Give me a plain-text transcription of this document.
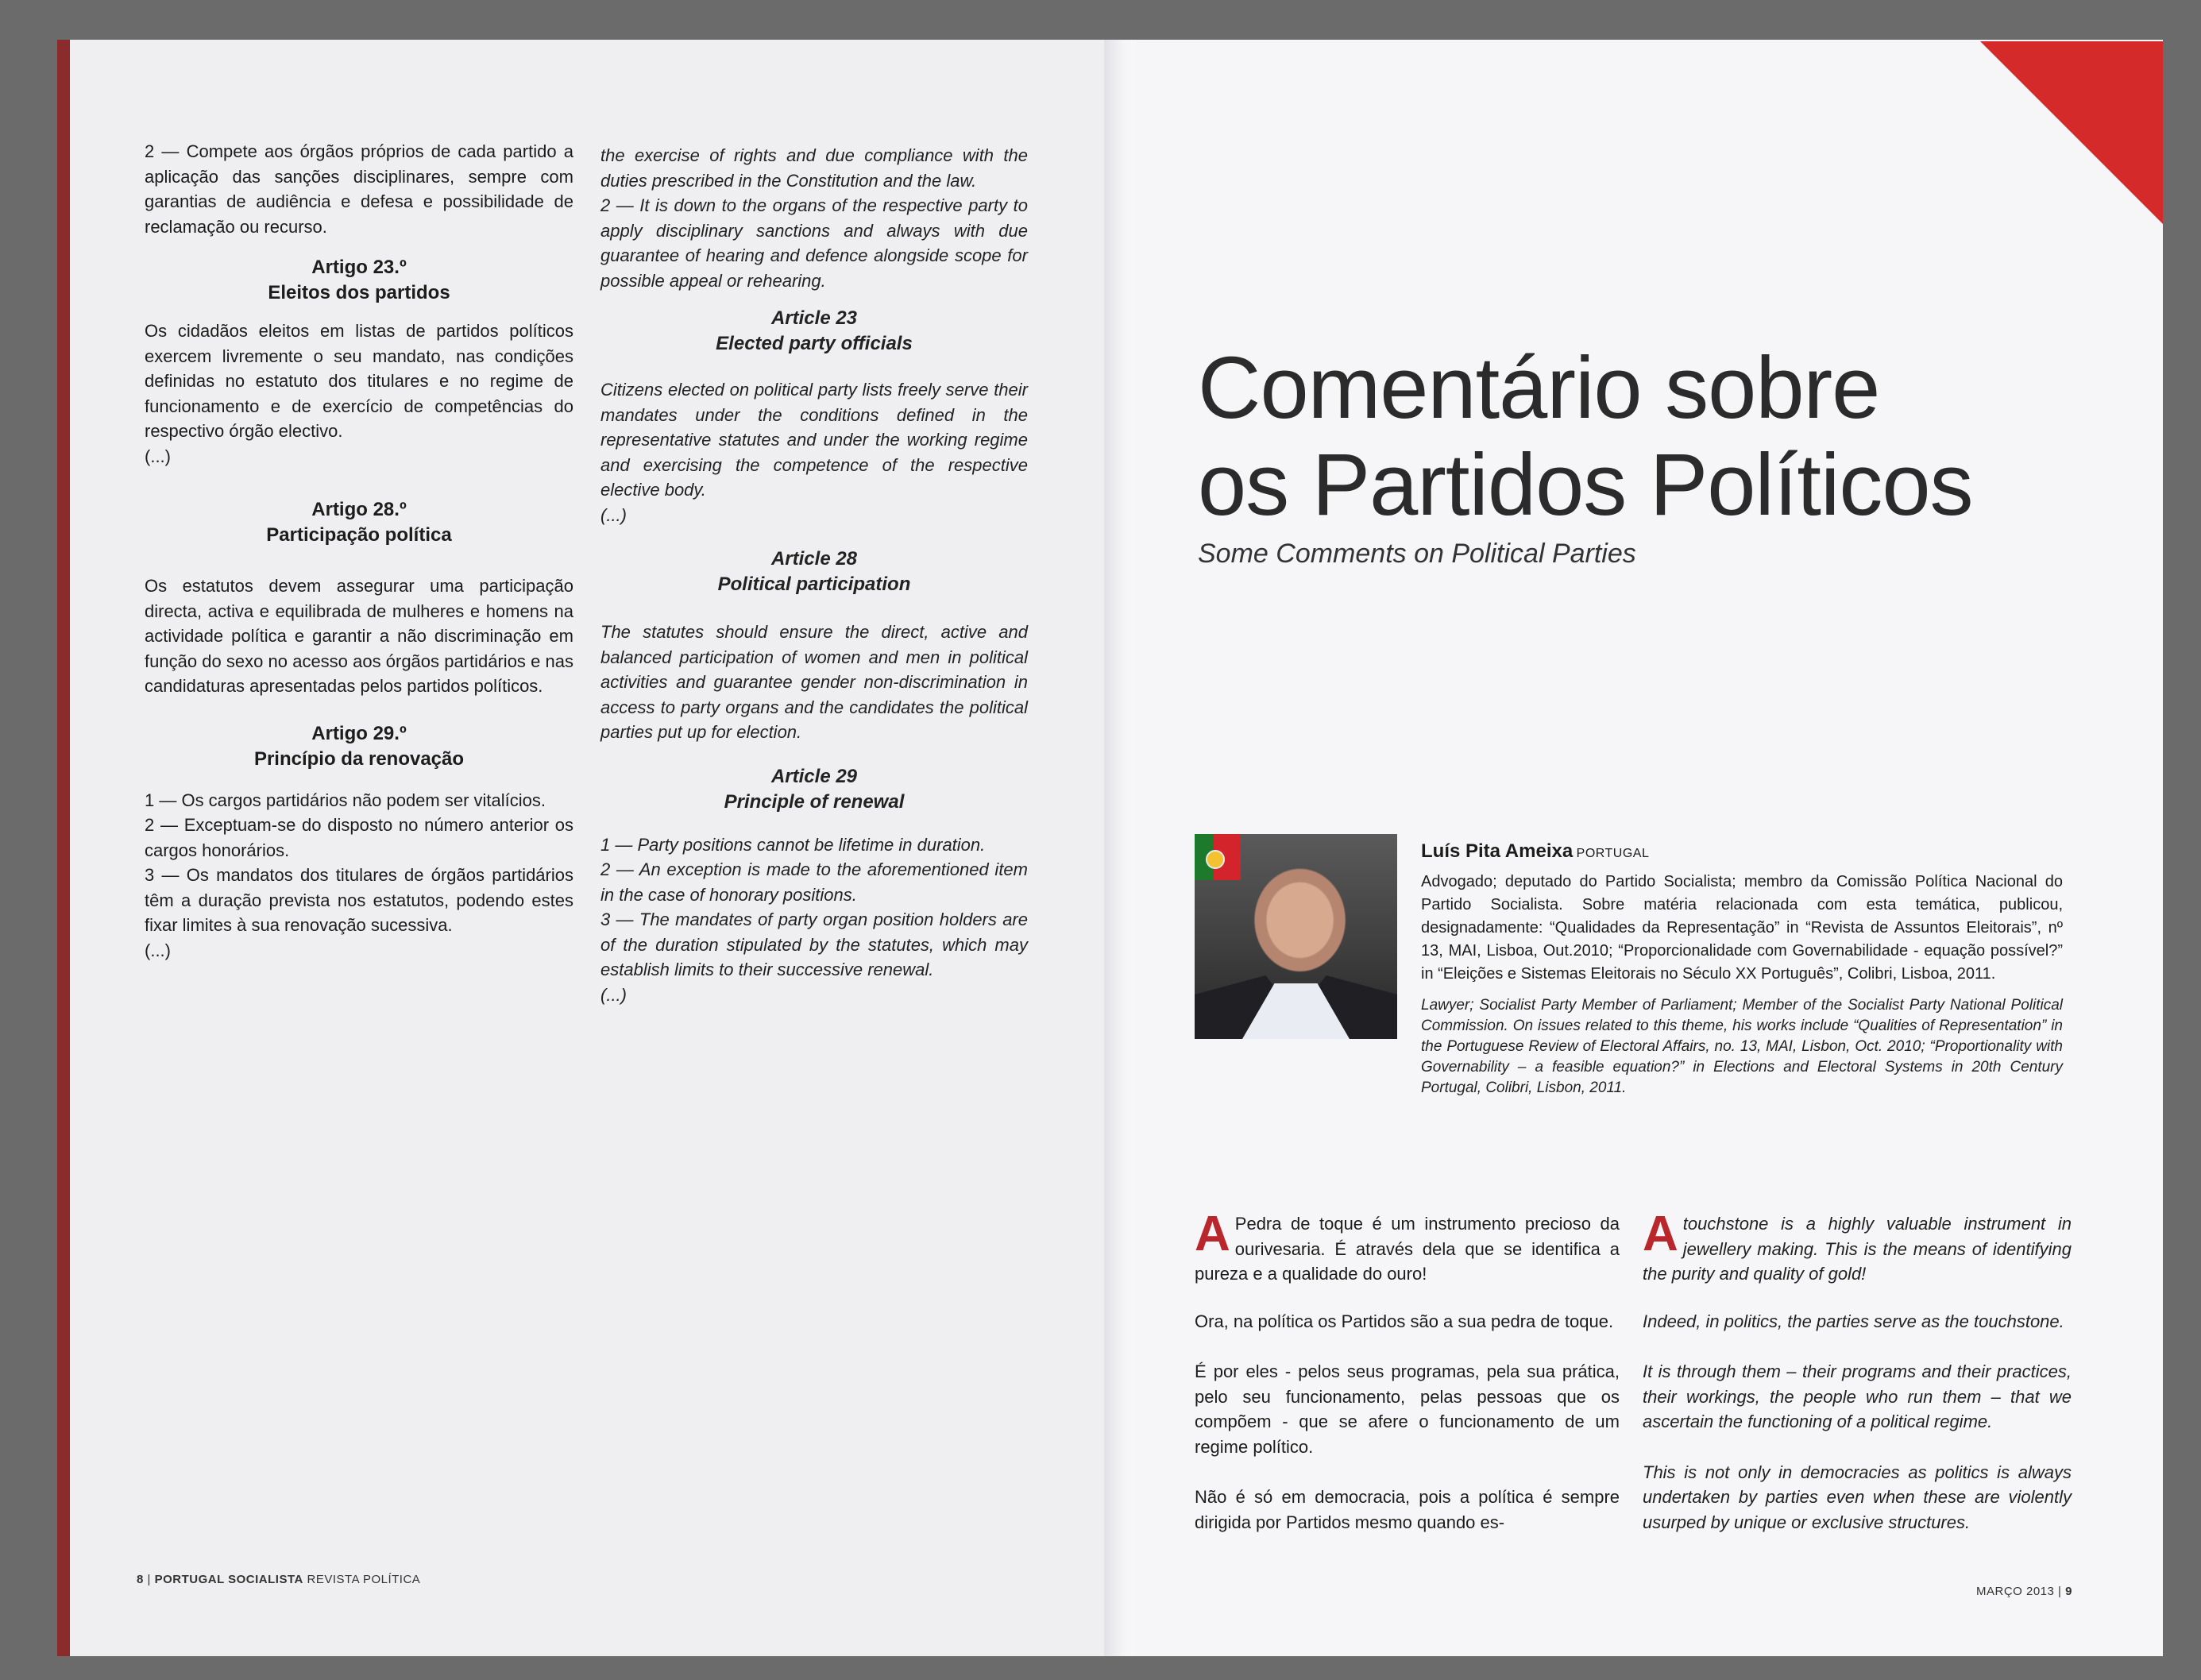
2 — Compete aos órgãos próprios de cada partido a aplicação das sanções disciplinares, sempre com garantias de audiência e defesa e possibilidade de reclamação ou recurso.

Artigo 23.º

Eleitos dos partidos

Os cidadãos eleitos em listas de partidos políticos exercem livremente o seu mandato, nas condições definidas no estatuto dos titulares e no regime de funcionamento e de exercício de competências do respectivo órgão electivo.

(...)

Artigo 28.º

Participação política

Os estatutos devem assegurar uma participação directa, activa e equilibrada de mulheres e homens na actividade política e garantir a não discriminação em função do sexo no acesso aos órgãos partidários e nas candidaturas apresentadas pelos partidos políticos.

Artigo 29.º

Princípio da renovação

1 — Os cargos partidários não podem ser vitalícios.

2 — Exceptuam-se do disposto no número anterior os cargos honorários.

3 — Os mandatos dos titulares de órgãos partidários têm a duração prevista nos estatutos, podendo estes fixar limites à sua renovação sucessiva.

(...)

the exercise of rights and due compliance with the duties prescribed in the Constitution and the law.

2 — It is down to the organs of the respective party to apply disciplinary sanctions and always with due guarantee of hearing and defence alongside scope for possible appeal or rehearing.

Article 23

Elected party officials

Citizens elected on political party lists freely serve their mandates under the conditions defined in the representative statutes and under the working regime and exercising the competence of the respective elective body.

(...)

Article 28

Political participation

The statutes should ensure the direct, active and balanced participation of women and men in political activities and guarantee gender non-discrimination in access to party organs and the candidates the political parties put up for election.

Article 29

Principle of renewal

1 — Party positions cannot be lifetime in duration.

2 — An exception is made to the aforementioned item in the case of honorary positions.

3 — The mandates of party organ position holders are of the duration stipulated by the statutes, which may establish limits to their successive renewal.

(...)

8 | PORTUGAL SOCIALISTA REVISTA POLÍTICA
Comentário sobre
os Partidos Políticos
Some Comments on Political Parties
Luís Pita Ameixa PORTUGAL

Advogado; deputado do Partido Socialista; membro da Comissão Política Nacional do Partido Socialista. Sobre matéria relacionada com esta temática, publicou, designadamente: “Qualidades da Representação” in “Revista de Assuntos Eleitorais”, nº 13, MAI, Lisboa, Out.2010; “Proporcionalidade com Governabilidade - equação possível?” in “Eleições e Sistemas Eleitorais no Século XX Português”, Colibri, Lisboa, 2011.

Lawyer; Socialist Party Member of Parliament; Member of the Socialist Party National Political Commission. On issues related to this theme, his works include “Qualities of Representation” in the Portuguese Review of Electoral Affairs, no. 13, MAI, Lisbon, Oct. 2010; “Proportionality with Governability – a feasible equation?” in Elections and Electoral Systems in 20th Century Portugal, Colibri, Lisbon, 2011.

A Pedra de toque é um instrumento precioso da ourivesaria. É através dela que se identifica a pureza e a qualidade do ouro!

Ora, na política os Partidos são a sua pedra de toque.

É por eles - pelos seus programas, pela sua prática, pelo seu funcionamento, pelas pessoas que os compõem - que se afere o funcionamento de um regime político.

Não é só em democracia, pois a política é sempre dirigida por Partidos mesmo quando es-

Atouchstone is a highly valuable instrument in jewellery making. This is the means of identifying the purity and quality of gold!

Indeed, in politics, the parties serve as the touchstone.

It is through them – their programs and their practices, their workings, the people who run them – that we ascertain the functioning of a political regime.

This is not only in democracies as politics is always undertaken by parties even when these are violently usurped by unique or exclusive structures.

MARÇO 2013 | 9
